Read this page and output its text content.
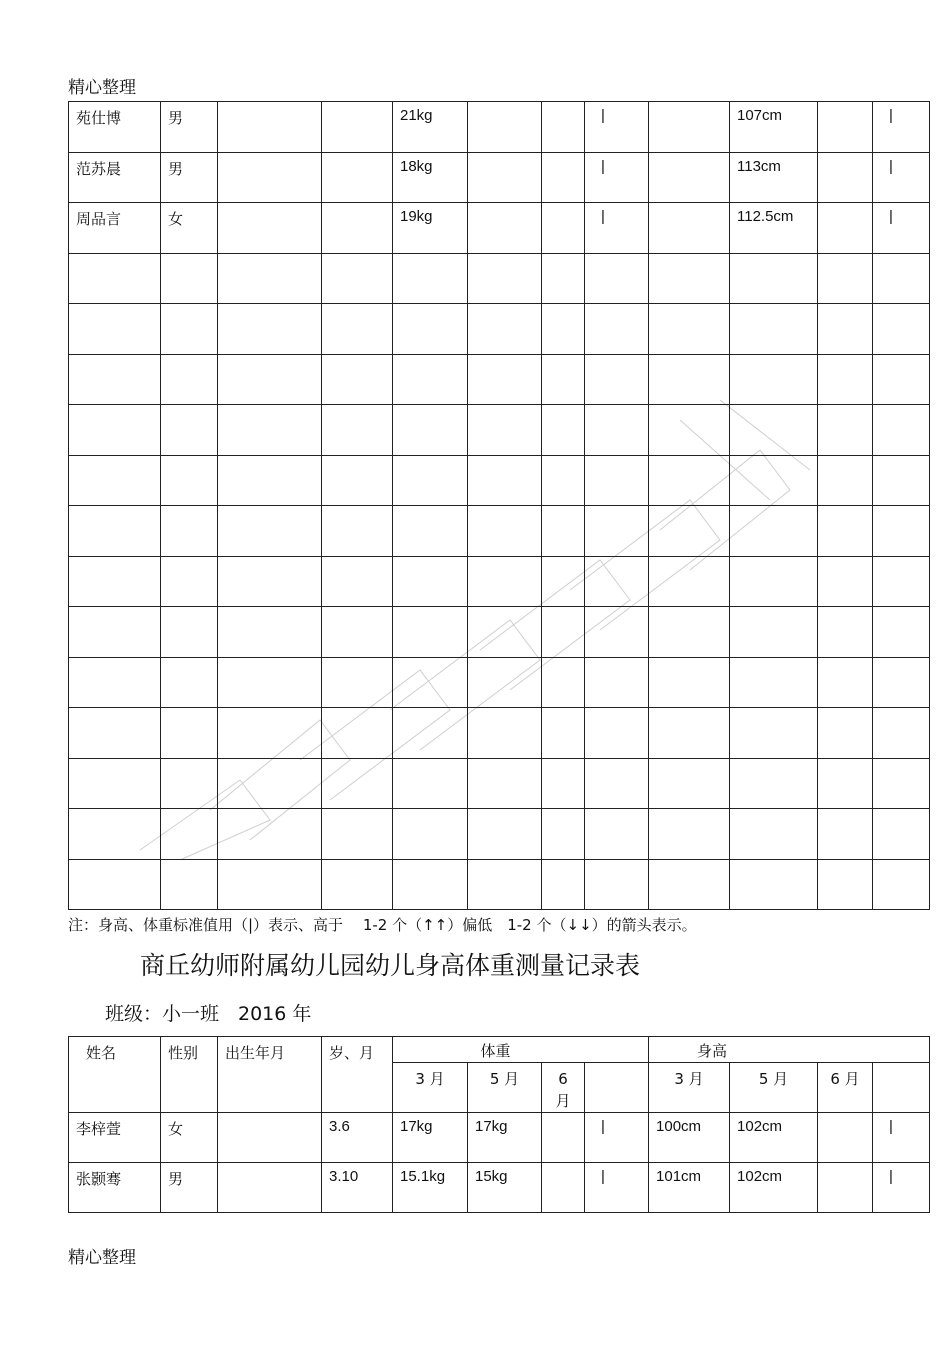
精心整理
苑仕博	男			21kg			|		107cm		|

范苏晨	男			18kg			|		113cm		|

周品言	女			19kg			|		112.5cm		|

注：身高、体重标准值用（|）表示、高于　 1-2 个（↑↑）偏低　1-2 个（↓↓）的箭头表示。
商丘幼师附属幼儿园幼儿身高体重测量记录表
班级：小一班　2016 年
姓名	性别	出生年月	岁、月	体重				身高			

				3 月	5 月	6
月		3 月	5 月	6 月	

李梓萱	女		3.6	17kg	17kg		|	100cm	102cm		|

张颢骞	男		3.10	15.1kg	15kg		|	101cm	102cm		|
精心整理
